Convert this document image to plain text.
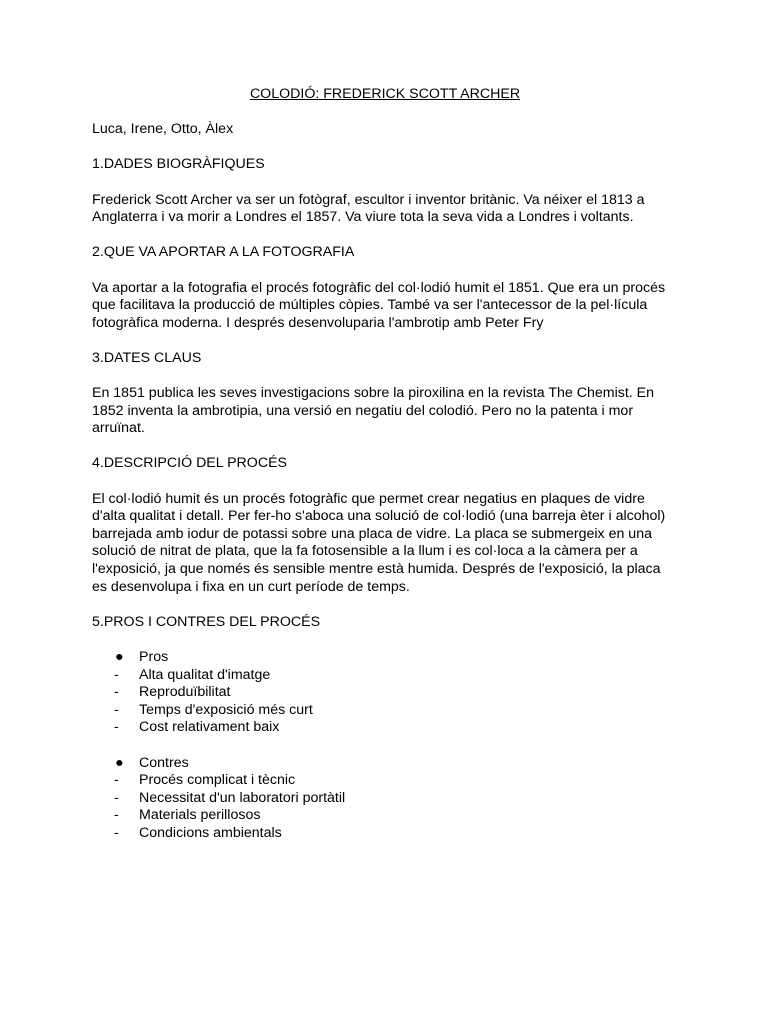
COLODIÓ: FREDERICK SCOTT ARCHER

Luca, Irene, Otto, Àlex

1.DADES BIOGRÀFIQUES

Frederick Scott Archer va ser un fotògraf, escultor i inventor britànic. Va néixer el 1813 a Anglaterra i va morir a Londres el 1857. Va viure tota la seva vida a Londres i voltants.

2.QUE VA APORTAR A LA FOTOGRAFIA

Va aportar a la fotografia el procés fotogràfic del col·lodió humit el 1851. Que era un procés que facilitava la producció de múltiples còpies. També va ser l'antecessor de la pel·lícula fotogràfica moderna. I després desenvoluparia l'ambrotip amb Peter Fry

3.DATES CLAUS

En 1851 publica les seves investigacions sobre la piroxilina en la revista The Chemist. En 1852 inventa la ambrotipia, una versió en negatiu del colodió. Pero no la patenta i mor arruïnat.

4.DESCRIPCIÓ DEL PROCÉS

El col·lodió humit és un procés fotogràfic que permet crear negatius en plaques de vidre d'alta qualitat i detall. Per fer-ho s'aboca una solució de col·lodió (una barreja èter i alcohol) barrejada amb iodur de potassi sobre una placa de vidre. La placa se submergeix en una solució de nitrat de plata, que la fa fotosensible a la llum i es col·loca a la càmera per a l'exposició, ja que només és sensible mentre està humida. Després de l'exposició, la placa es desenvolupa i fixa en un curt període de temps.

5.PROS I CONTRES DEL PROCÉS
● Pros
- Alta qualitat d'imatge
- Reproduïbilitat
- Temps d'exposició més curt
- Cost relativament baix
● Contres
- Procés complicat i tècnic
- Necessitat d'un laboratori portàtil
- Materials perillosos
- Condicions ambientals
